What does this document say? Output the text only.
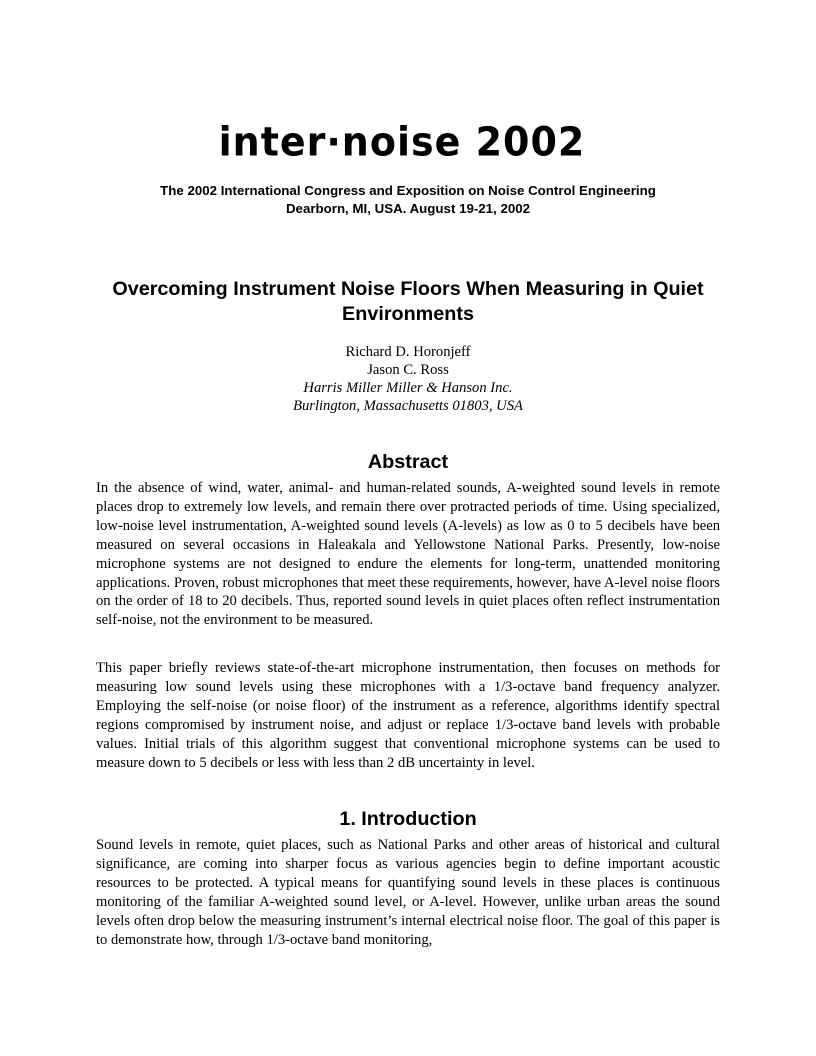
inter·noise 2002
The 2002 International Congress and Exposition on Noise Control Engineering
Dearborn, MI, USA. August 19-21, 2002
Overcoming Instrument Noise Floors When Measuring in Quiet Environments
Richard D. Horonjeff
Jason C. Ross
Harris Miller Miller & Hanson Inc.
Burlington, Massachusetts 01803, USA
Abstract

In the absence of wind, water, animal- and human-related sounds, A-weighted sound levels in remote places drop to extremely low levels, and remain there over protracted periods of time. Using specialized, low-noise level instrumentation, A-weighted sound levels (A-levels) as low as 0 to 5 decibels have been measured on several occasions in Haleakala and Yellowstone National Parks. Presently, low-noise microphone systems are not designed to endure the elements for long-term, unattended monitoring applications. Proven, robust microphones that meet these requirements, however, have A-level noise floors on the order of 18 to 20 decibels. Thus, reported sound levels in quiet places often reflect instrumentation self-noise, not the environment to be measured.

This paper briefly reviews state-of-the-art microphone instrumentation, then focuses on methods for measuring low sound levels using these microphones with a 1/3-octave band frequency analyzer. Employing the self-noise (or noise floor) of the instrument as a reference, algorithms identify spectral regions compromised by instrument noise, and adjust or replace 1/3-octave band levels with probable values. Initial trials of this algorithm suggest that conventional microphone systems can be used to measure down to 5 decibels or less with less than 2 dB uncertainty in level.

1. Introduction

Sound levels in remote, quiet places, such as National Parks and other areas of historical and cultural significance, are coming into sharper focus as various agencies begin to define important acoustic resources to be protected. A typical means for quantifying sound levels in these places is continuous monitoring of the familiar A-weighted sound level, or A-level. However, unlike urban areas the sound levels often drop below the measuring instrument’s internal electrical noise floor. The goal of this paper is to demonstrate how, through 1/3-octave band monitoring,
